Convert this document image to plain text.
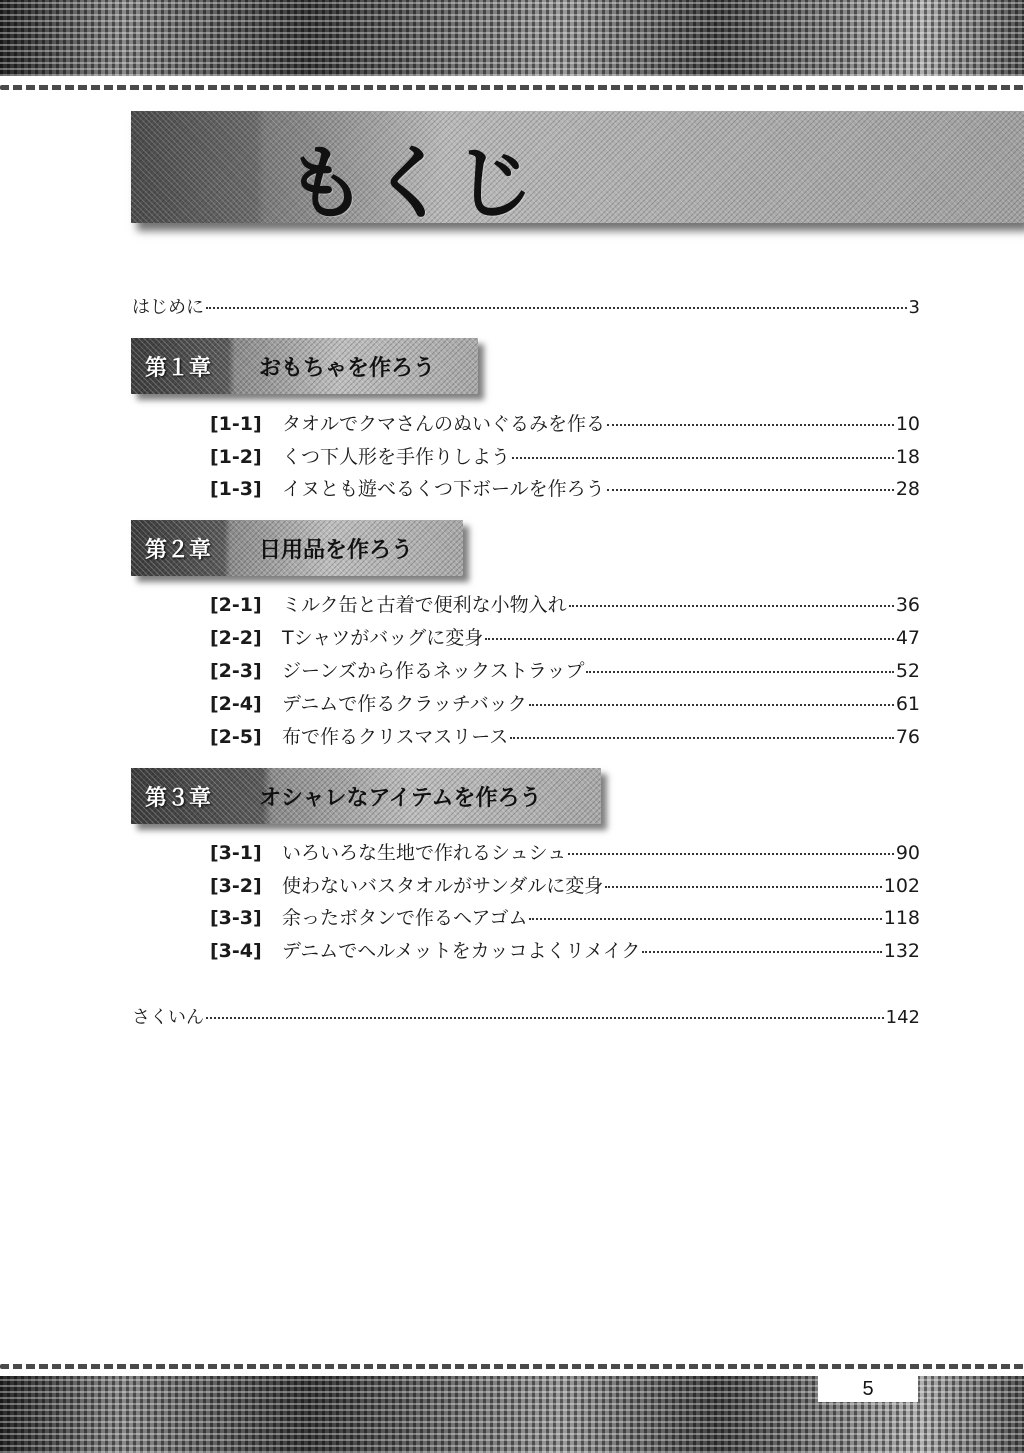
もくじ
はじめに	3
第１章	おもちゃを作ろう
[1-1]	タオルでクマさんのぬいぐるみを作る	10
[1-2]	くつ下人形を手作りしよう	18
[1-3]	イヌとも遊べるくつ下ボールを作ろう	28
第２章	日用品を作ろう
[2-1]	ミルク缶と古着で便利な小物入れ	36
[2-2]	Tシャツがバッグに変身	47
[2-3]	ジーンズから作るネックストラップ	52
[2-4]	デニムで作るクラッチバック	61
[2-5]	布で作るクリスマスリース	76
第３章	オシャレなアイテムを作ろう
[3-1]	いろいろな生地で作れるシュシュ	90
[3-2]	使わないバスタオルがサンダルに変身	102
[3-3]	余ったボタンで作るヘアゴム	118
[3-4]	デニムでヘルメットをカッコよくリメイク	132
さくいん	142
5
